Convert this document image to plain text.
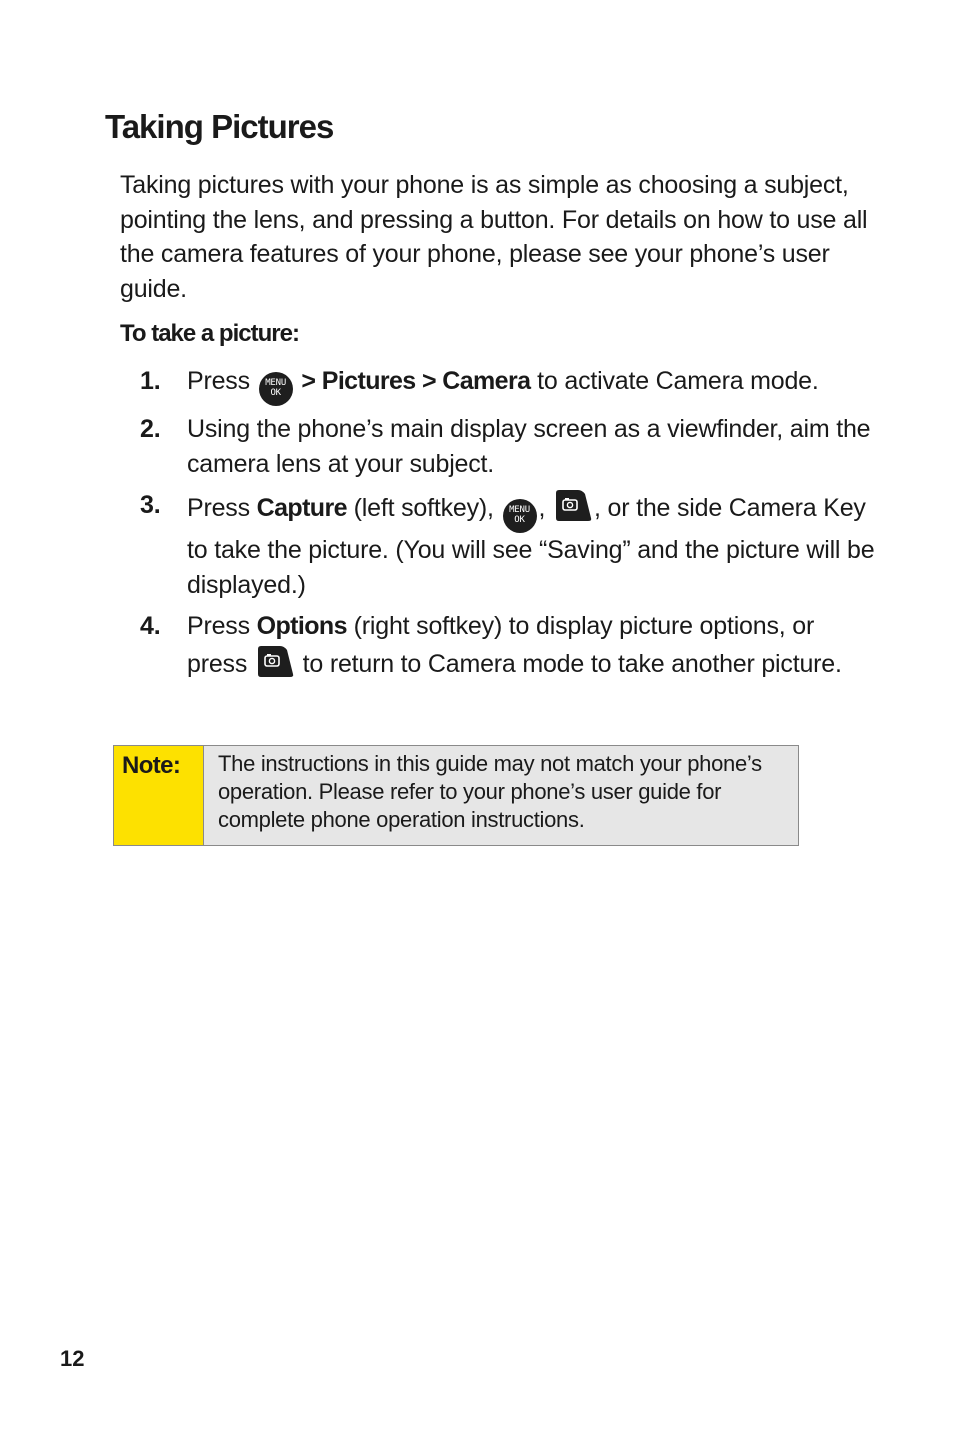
Taking Pictures

Taking pictures with your phone is as simple as choosing a subject, pointing the lens, and pressing a button. For details on how to use all the camera features of your phone, please see your phone’s user guide.

To take a picture:

1. Press MENU
OK > Pictures > Camera to activate Camera mode.
2. Using the phone’s main display screen as a viewfinder, aim the camera lens at your subject.
3. Press Capture (left softkey), MENU
OK , , or the side Camera Key to take the picture. (You will see “Saving” and the picture will be displayed.)
4. Press Options (right softkey) to display picture options, or press  to return to Camera mode to take another picture.
Note:	The instructions in this guide may not match your phone’s operation. Please refer to your phone’s user guide for complete phone operation instructions.
12
